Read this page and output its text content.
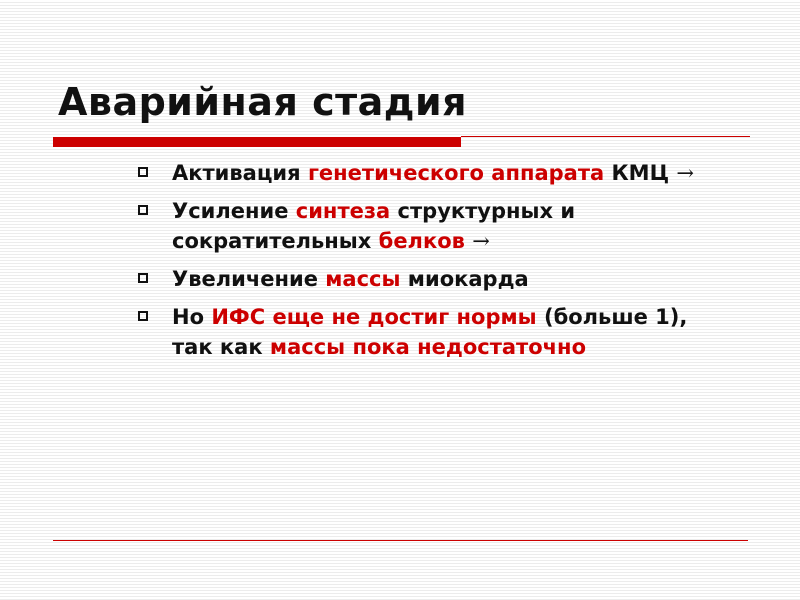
Аварийная стадия
Активация генетического аппарата КМЦ →
Усиление синтеза структурных и сократительных белков →
Увеличение массы миокарда
Но ИФС еще не достиг нормы (больше 1), так как массы пока недостаточно
